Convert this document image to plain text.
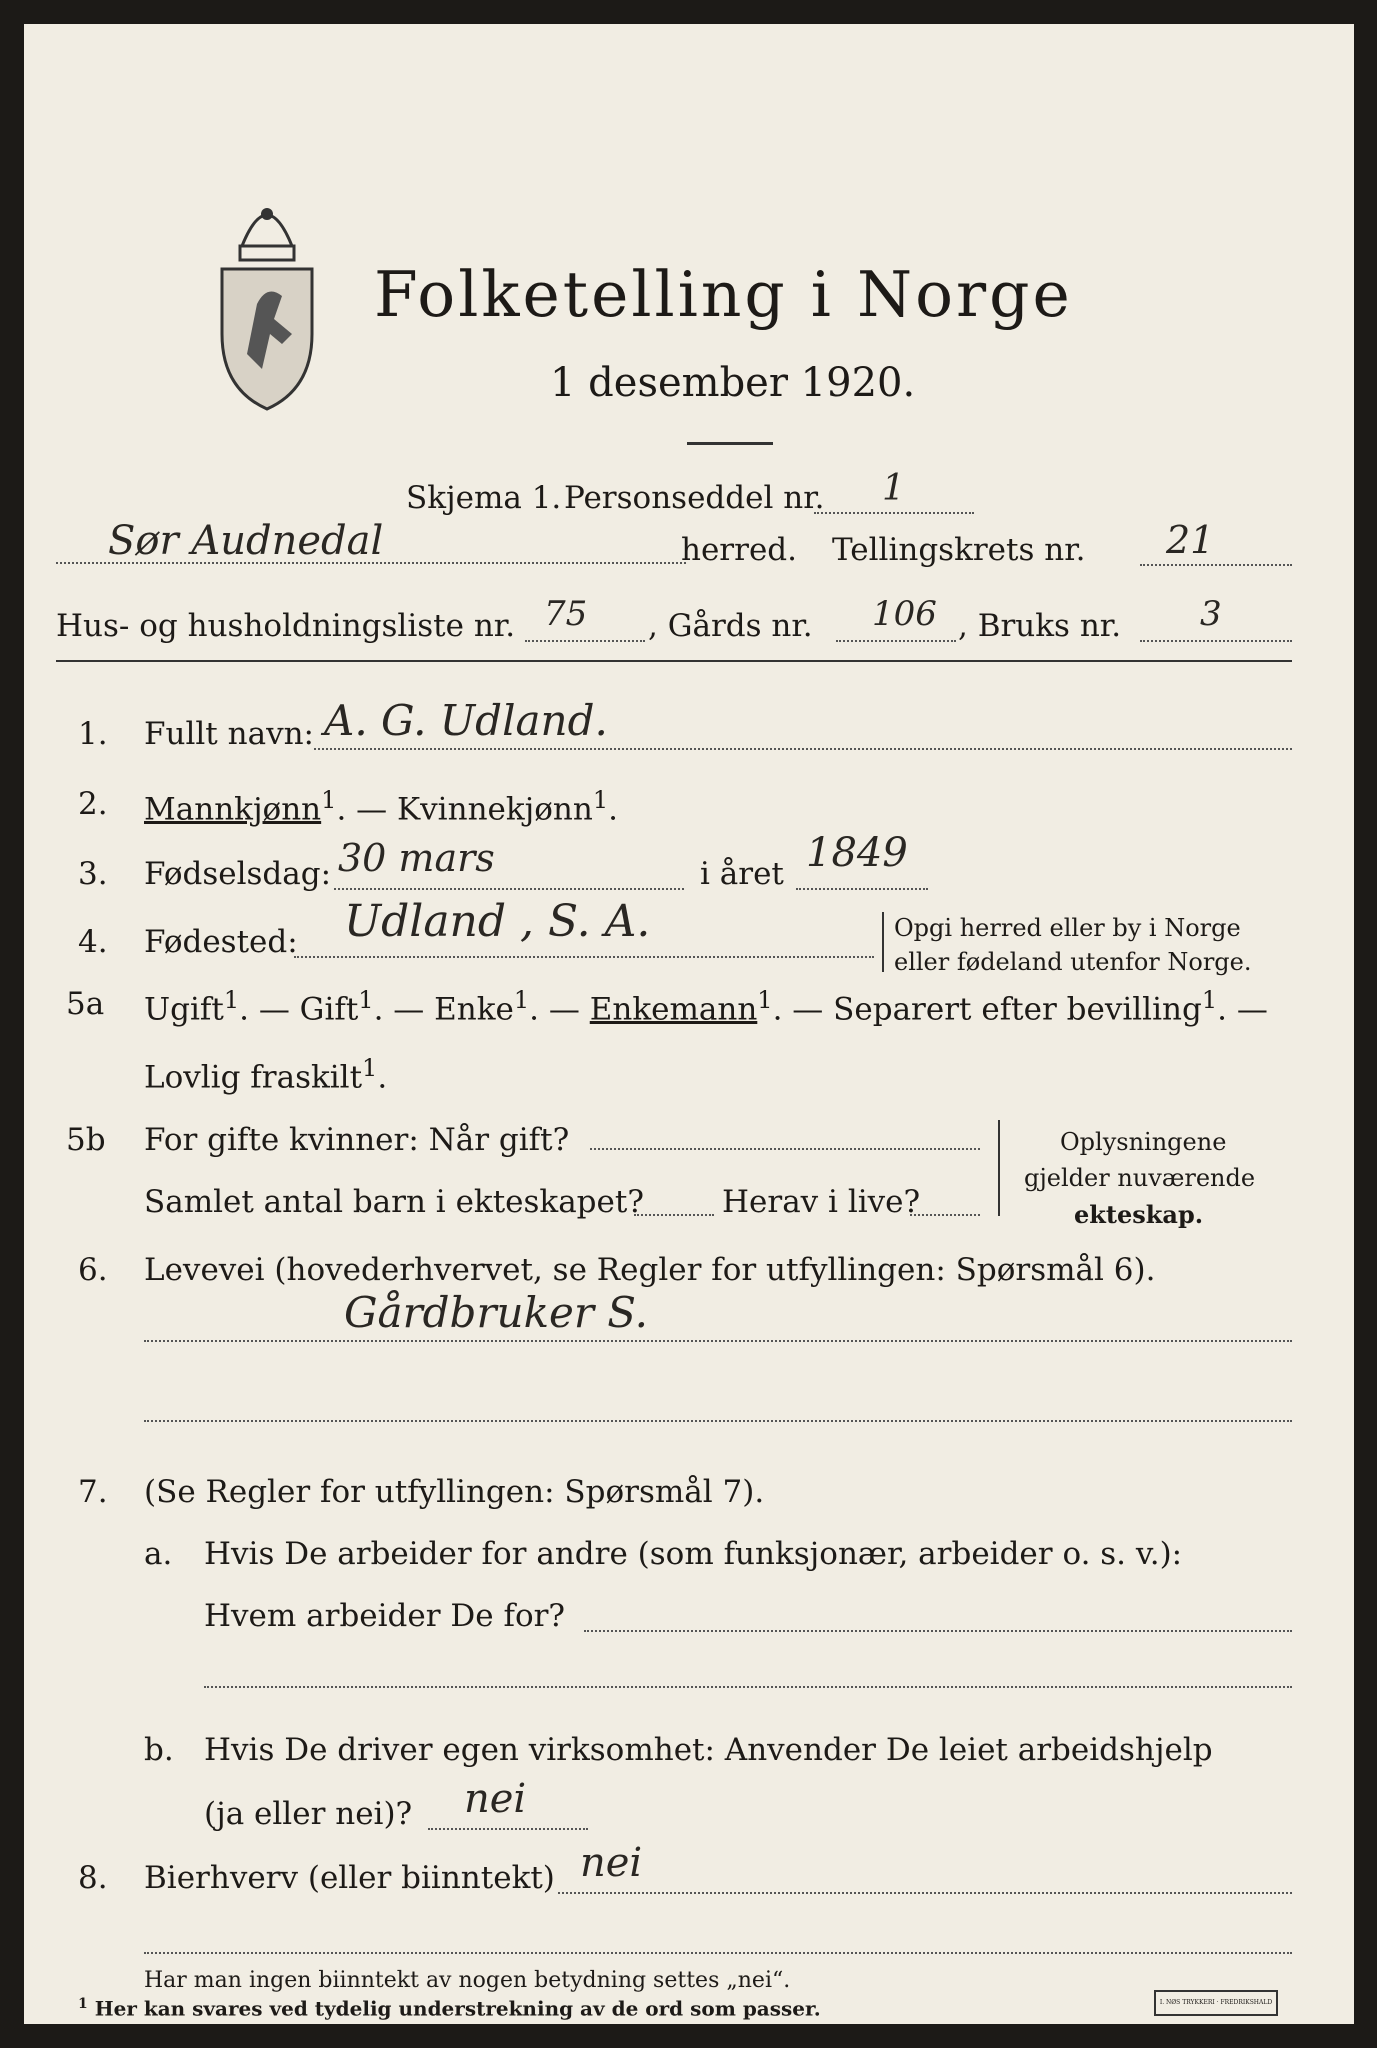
Folketelling i Norge
1 desember 1920.
Skjema 1. Personseddel nr. 1
Sør Audnedal	herred. Tellingskrets nr. 21
Hus- og husholdningsliste nr. 75 , Gårds nr. 106 , Bruks nr. 3
1. Fullt navn: A. G. Udland.
2. Mannkjønn$^1$. — Kvinnekjønn$^1$.
3. Fødselsdag: 30 mars	i året 1849
4. Fødested: Udland , S. A.	Opgi herred eller by i Norge
eller fødeland utenfor Norge.
5a Ugift$^1$. — Gift$^1$. — Enke$^1$. — Enkemann$^1$. — Separert efter bevilling$^1$. —
Lovlig fraskilt$^1$.
5b For gifte kvinner: Når gift?
Samlet antal barn i ekteskapet?	Herav i live?
Oplysningene
gjelder nuværende
ekteskap.
6. Levevei (hovederhvervet, se Regler for utfyllingen: Spørsmål 6).
Gårdbruker S.
7. (Se Regler for utfyllingen: Spørsmål 7).
a. Hvis De arbeider for andre (som funksjonær, arbeider o. s. v.):
Hvem arbeider De for?
b. Hvis De driver egen virksomhet: Anvender De leiet arbeidshjelp
(ja eller nei)? nei
8. Bierhverv (eller biinntekt) nei
Har man ingen biinntekt av nogen betydning settes „nei“.
$^1$ Her kan svares ved tydelig understrekning av de ord som passer.	I. NØS TRYKKERI · FREDRIKSHALD
